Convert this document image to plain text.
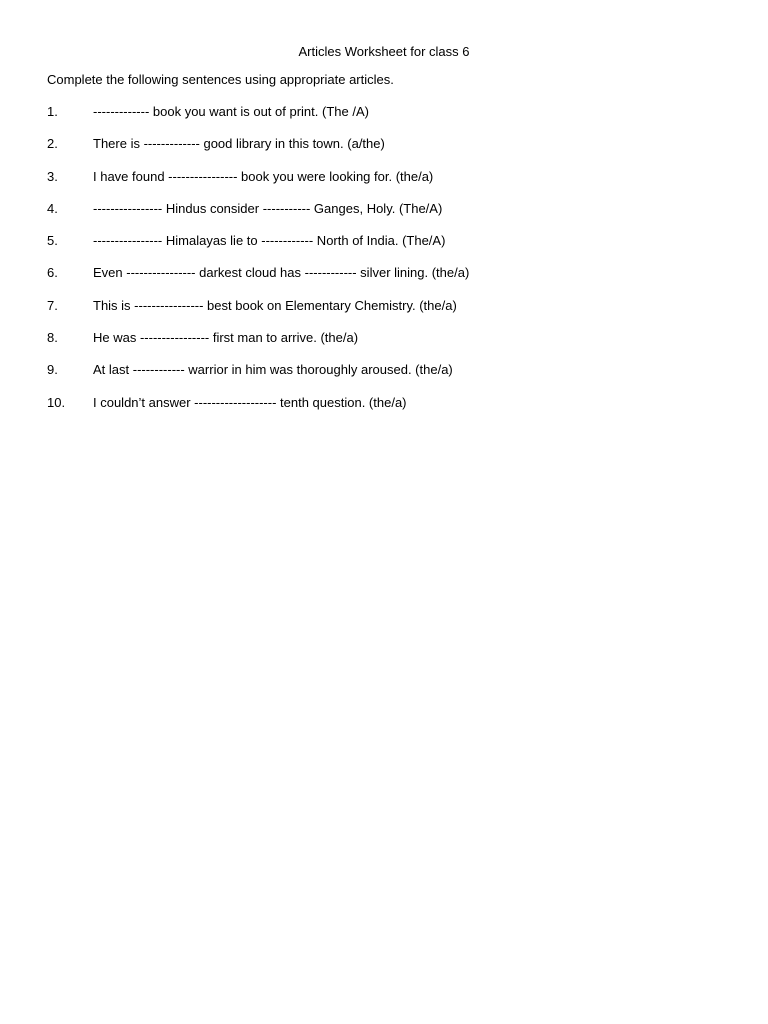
Articles Worksheet for class 6
Complete the following sentences using appropriate articles.
1.	------------- book you want is out of print. (The /A)
2.	There is ------------- good library in this town. (a/the)
3.	I have found ---------------- book you were looking for. (the/a)
4.	---------------- Hindus consider ----------- Ganges, Holy. (The/A)
5.	---------------- Himalayas lie to ------------ North of India. (The/A)
6.	Even ---------------- darkest cloud has ------------ silver lining. (the/a)
7.	This is ---------------- best book on Elementary Chemistry. (the/a)
8.	He was ---------------- first man to arrive. (the/a)
9.	At last ------------ warrior in him was thoroughly aroused. (the/a)
10.	I couldn’t answer ------------------- tenth question. (the/a)
